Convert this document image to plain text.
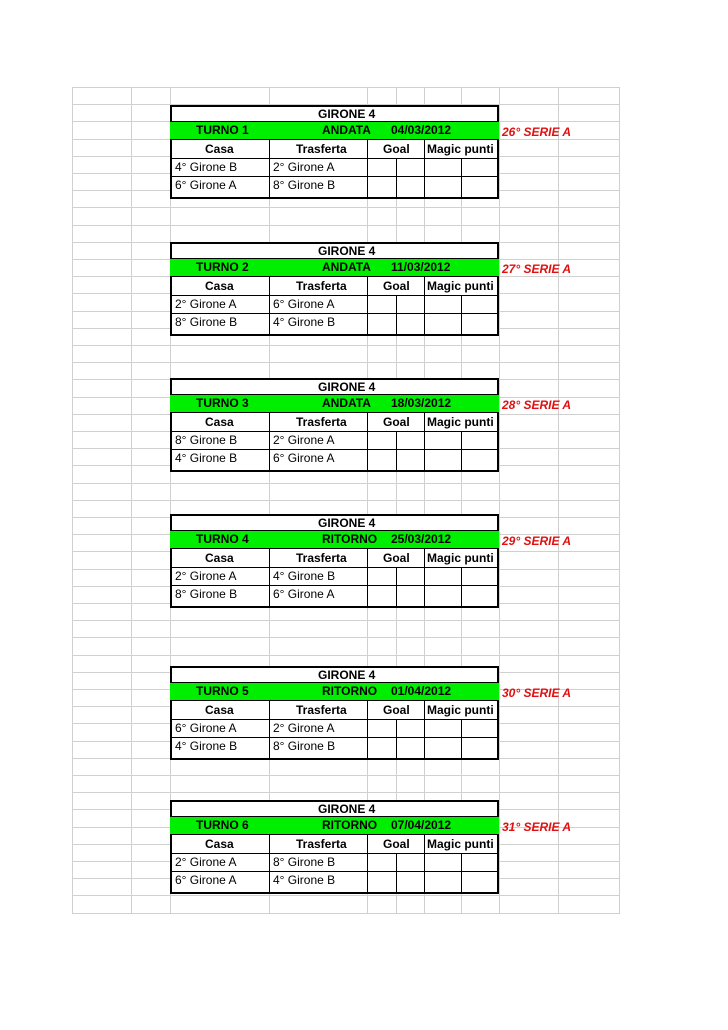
GIRONE 4
TURNO 1	ANDATA 04/03/2012
Casa	Trasferta	Goal Magic punti
4° Girone B	2° Girone A
6° Girone A	8° Girone B
26° SERIE A
GIRONE 4
TURNO 2	ANDATA 11/03/2012
Casa	Trasferta	Goal Magic punti
2° Girone A	6° Girone A
8° Girone B	4° Girone B
27° SERIE A
GIRONE 4
TURNO 3	ANDATA 18/03/2012
Casa	Trasferta	Goal Magic punti
8° Girone B	2° Girone A
4° Girone B	6° Girone A
28° SERIE A
GIRONE 4
TURNO 4	RITORNO 25/03/2012
Casa	Trasferta	Goal Magic punti
2° Girone A	4° Girone B
8° Girone B	6° Girone A
29° SERIE A
GIRONE 4
TURNO 5	RITORNO 01/04/2012
Casa	Trasferta	Goal Magic punti
6° Girone A	2° Girone A
4° Girone B	8° Girone B
30° SERIE A
GIRONE 4
TURNO 6	RITORNO 07/04/2012
Casa	Trasferta	Goal Magic punti
2° Girone A	8° Girone B
6° Girone A	4° Girone B
31° SERIE A
